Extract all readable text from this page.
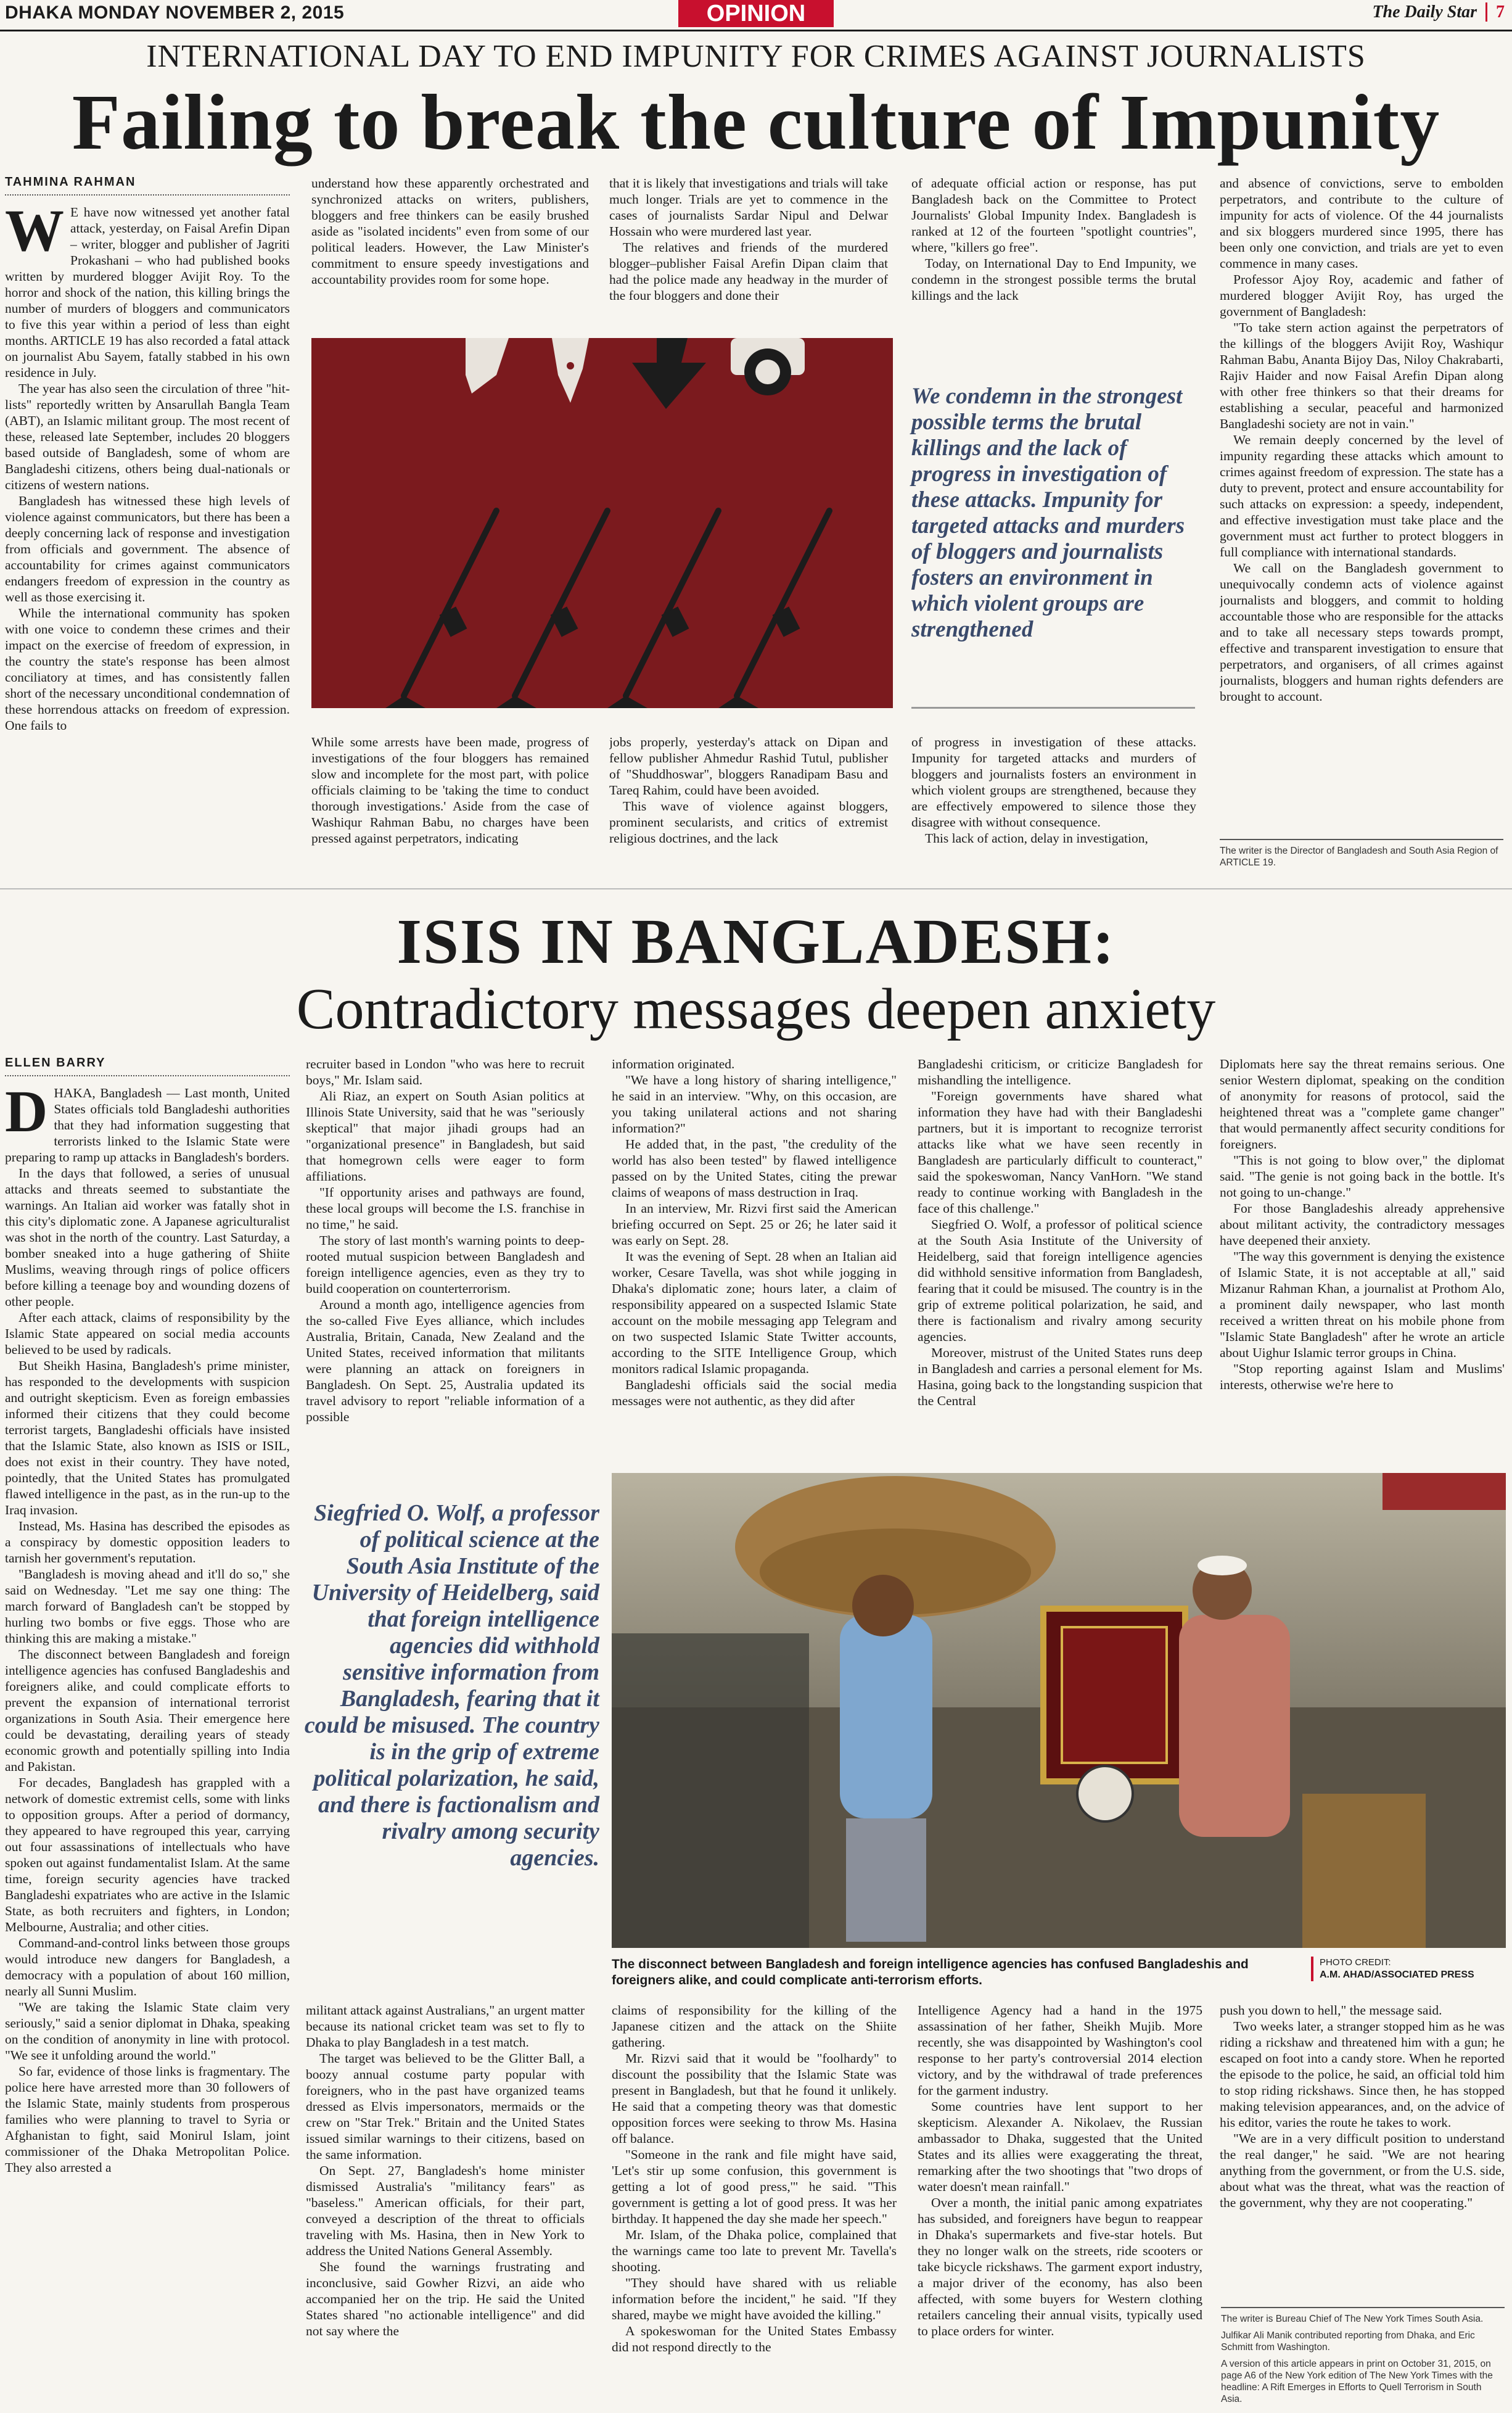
DHAKA MONDAY NOVEMBER 2, 2015	OPINION	The Daily Star 7
INTERNATIONAL DAY TO END IMPUNITY FOR CRIMES AGAINST JOURNALISTS
Failing to break the culture of Impunity
TAHMINA RAHMAN
W E have now witnessed yet another fatal attack, yesterday, on Faisal Arefin Dipan – writer, blogger and publisher of Jagriti Prokashani – who had published books written by murdered blogger Avijit Roy. To the horror and shock of the nation, this killing brings the number of murders of bloggers and communicators to five this year within a period of less than eight months. ARTICLE 19 has also recorded a fatal attack on journalist Abu Sayem, fatally stabbed in his own residence in July.

The year has also seen the circulation of three "hit-lists" reportedly written by Ansarullah Bangla Team (ABT), an Islamic militant group. The most recent of these, released late September, includes 20 bloggers based outside of Bangladesh, some of whom are Bangladeshi citizens, others being dual-nationals or citizens of western nations.

Bangladesh has witnessed these high levels of violence against communicators, but there has been a deeply concerning lack of response and investigation from officials and government. The absence of accountability for crimes against communicators endangers freedom of expression in the country as well as those exercising it.

While the international community has spoken with one voice to condemn these crimes and their impact on the exercise of freedom of expression, in the country the state's response has been almost conciliatory at times, and has consistently fallen short of the necessary unconditional condemnation of these horrendous attacks on freedom of expression. One fails to

understand how these apparently orchestrated and synchronized attacks on writers, publishers, bloggers and free thinkers can be easily brushed aside as "isolated incidents" even from some of our political leaders. However, the Law Minister's commitment to ensure speedy investigations and accountability provides room for some hope.

that it is likely that investigations and trials will take much longer. Trials are yet to commence in the cases of journalists Sardar Nipul and Delwar Hossain who were murdered last year.

The relatives and friends of the murdered blogger–publisher Faisal Arefin Dipan claim that had the police made any headway in the murder of the four bloggers and done their

of adequate official action or response, has put Bangladesh back on the Committee to Protect Journalists' Global Impunity Index. Bangladesh is ranked at 12 of the fourteen "spotlight countries", where, "killers go free".

Today, on International Day to End Impunity, we condemn in the strongest possible terms the brutal killings and the lack

We condemn in the strongest possible terms the brutal killings and the lack of progress in investigation of these attacks. Impunity for targeted attacks and murders of bloggers and journalists fosters an environment in which violent groups are strengthened

While some arrests have been made, progress of investigations of the four bloggers has remained slow and incomplete for the most part, with police officials claiming to be 'taking the time to conduct thorough investigations.' Aside from the case of Washiqur Rahman Babu, no charges have been pressed against perpetrators, indicating

jobs properly, yesterday's attack on Dipan and fellow publisher Ahmedur Rashid Tutul, publisher of "Shuddhoswar", bloggers Ranadipam Basu and Tareq Rahim, could have been avoided.

This wave of violence against bloggers, prominent secularists, and critics of extremist religious doctrines, and the lack

of progress in investigation of these attacks. Impunity for targeted attacks and murders of bloggers and journalists fosters an environment in which violent groups are strengthened, because they are effectively empowered to silence those they disagree with without consequence.

This lack of action, delay in investigation,

and absence of convictions, serve to embolden perpetrators, and contribute to the culture of impunity for acts of violence. Of the 44 journalists and six bloggers murdered since 1995, there has been only one conviction, and trials are yet to even commence in many cases.

Professor Ajoy Roy, academic and father of murdered blogger Avijit Roy, has urged the government of Bangladesh:

"To take stern action against the perpetrators of the killings of the bloggers Avijit Roy, Washiqur Rahman Babu, Ananta Bijoy Das, Niloy Chakrabarti, Rajiv Haider and now Faisal Arefin Dipan along with other free thinkers so that their dreams for establishing a secular, peaceful and harmonized Bangladeshi society are not in vain."

We remain deeply concerned by the level of impunity regarding these attacks which amount to crimes against freedom of expression. The state has a duty to prevent, protect and ensure accountability for such attacks on expression: a speedy, independent, and effective investigation must take place and the government must act further to protect bloggers in full compliance with international standards.

We call on the Bangladesh government to unequivocally condemn acts of violence against journalists and bloggers, and commit to holding accountable those who are responsible for the attacks and to take all necessary steps towards prompt, effective and transparent investigation to ensure that perpetrators, and organisers, of all crimes against journalists, bloggers and human rights defenders are brought to account.

The writer is the Director of Bangladesh and South Asia Region of ARTICLE 19.
ISIS IN BANGLADESH:
Contradictory messages deepen anxiety
ELLEN BARRY
D HAKA, Bangladesh — Last month, United States officials told Bangladeshi authorities that they had information suggesting that terrorists linked to the Islamic State were preparing to ramp up attacks in Bangladesh's borders.

In the days that followed, a series of unusual attacks and threats seemed to substantiate the warnings. An Italian aid worker was fatally shot in this city's diplomatic zone. A Japanese agriculturalist was shot in the north of the country. Last Saturday, a bomber sneaked into a huge gathering of Shiite Muslims, weaving through rings of police officers before killing a teenage boy and wounding dozens of other people.

After each attack, claims of responsibility by the Islamic State appeared on social media accounts believed to be used by radicals.

But Sheikh Hasina, Bangladesh's prime minister, has responded to the developments with suspicion and outright skepticism. Even as foreign embassies informed their citizens that they could become terrorist targets, Bangladeshi officials have insisted that the Islamic State, also known as ISIS or ISIL, does not exist in their country. They have noted, pointedly, that the United States has promulgated flawed intelligence in the past, as in the run-up to the Iraq invasion.

Instead, Ms. Hasina has described the episodes as a conspiracy by domestic opposition leaders to tarnish her government's reputation.

"Bangladesh is moving ahead and it'll do so," she said on Wednesday. "Let me say one thing: The march forward of Bangladesh can't be stopped by hurling two bombs or five eggs. Those who are thinking this are making a mistake."

The disconnect between Bangladesh and foreign intelligence agencies has confused Bangladeshis and foreigners alike, and could complicate efforts to prevent the expansion of international terrorist organizations in South Asia. Their emergence here could be devastating, derailing years of steady economic growth and potentially spilling into India and Pakistan.

For decades, Bangladesh has grappled with a network of domestic extremist cells, some with links to opposition groups. After a period of dormancy, they appeared to have regrouped this year, carrying out four assassinations of intellectuals who have spoken out against fundamentalist Islam. At the same time, foreign security agencies have tracked Bangladeshi expatriates who are active in the Islamic State, as both recruiters and fighters, in London; Melbourne, Australia; and other cities.

Command-and-control links between those groups would introduce new dangers for Bangladesh, a democracy with a population of about 160 million, nearly all Sunni Muslim.

"We are taking the Islamic State claim very seriously," said a senior diplomat in Dhaka, speaking on the condition of anonymity in line with protocol. "We see it unfolding around the world."

So far, evidence of those links is fragmentary. The police here have arrested more than 30 followers of the Islamic State, mainly students from prosperous families who were planning to travel to Syria or Afghanistan to fight, said Monirul Islam, joint commissioner of the Dhaka Metropolitan Police. They also arrested a

recruiter based in London "who was here to recruit boys," Mr. Islam said.

Ali Riaz, an expert on South Asian politics at Illinois State University, said that he was "seriously skeptical" that major jihadi groups had an "organizational presence" in Bangladesh, but said that homegrown cells were eager to form affiliations.

"If opportunity arises and pathways are found, these local groups will become the I.S. franchise in no time," he said.

The story of last month's warning points to deep-rooted mutual suspicion between Bangladesh and foreign intelligence agencies, even as they try to build cooperation on counterterrorism.

Around a month ago, intelligence agencies from the so-called Five Eyes alliance, which includes Australia, Britain, Canada, New Zealand and the United States, received information that militants were planning an attack on foreigners in Bangladesh. On Sept. 25, Australia updated its travel advisory to report "reliable information of a possible

information originated.

"We have a long history of sharing intelligence," he said in an interview. "Why, on this occasion, are you taking unilateral actions and not sharing information?"

He added that, in the past, "the credulity of the world has also been tested" by flawed intelligence passed on by the United States, citing the prewar claims of weapons of mass destruction in Iraq.

In an interview, Mr. Rizvi first said the American briefing occurred on Sept. 25 or 26; he later said it was early on Sept. 28.

It was the evening of Sept. 28 when an Italian aid worker, Cesare Tavella, was shot while jogging in Dhaka's diplomatic zone; hours later, a claim of responsibility appeared on a suspected Islamic State account on the mobile messaging app Telegram and on two suspected Islamic State Twitter accounts, according to the SITE Intelligence Group, which monitors radical Islamic propaganda.

Bangladeshi officials said the social media messages were not authentic, as they did after

Bangladeshi criticism, or criticize Bangladesh for mishandling the intelligence.

"Foreign governments have shared what information they have had with their Bangladeshi partners, but it is important to recognize terrorist attacks like what we have seen recently in Bangladesh are particularly difficult to counteract," said the spokeswoman, Nancy VanHorn. "We stand ready to continue working with Bangladesh in the face of this challenge."

Siegfried O. Wolf, a professor of political science at the South Asia Institute of the University of Heidelberg, said that foreign intelligence agencies did withhold sensitive information from Bangladesh, fearing that it could be misused. The country is in the grip of extreme political polarization, he said, and there is factionalism and rivalry among security agencies.

Moreover, mistrust of the United States runs deep in Bangladesh and carries a personal element for Ms. Hasina, going back to the longstanding suspicion that the Central

Diplomats here say the threat remains serious. One senior Western diplomat, speaking on the condition of anonymity for reasons of protocol, said the heightened threat was a "complete game changer" that would permanently affect security conditions for foreigners.

"This is not going to blow over," the diplomat said. "The genie is not going back in the bottle. It's not going to un-change."

For those Bangladeshis already apprehensive about militant activity, the contradictory messages have deepened their anxiety.

"The way this government is denying the existence of Islamic State, it is not acceptable at all," said Mizanur Rahman Khan, a journalist at Prothom Alo, a prominent daily newspaper, who last month received a written threat on his mobile phone from "Islamic State Bangladesh" after he wrote an article about Uighur Islamic terror groups in China.

"Stop reporting against Islam and Muslims' interests, otherwise we're here to

Siegfried O. Wolf, a professor of political science at the South Asia Institute of the University of Heidelberg, said that foreign intelligence agencies did withhold sensitive information from Bangladesh, fearing that it could be misused. The country is in the grip of extreme political polarization, he said, and there is factionalism and rivalry among security agencies.
The disconnect between Bangladesh and foreign intelligence agencies has confused Bangladeshis and foreigners alike, and could complicate anti-terrorism efforts.
PHOTO CREDIT:
A.M. AHAD/ASSOCIATED PRESS

militant attack against Australians," an urgent matter because its national cricket team was set to fly to Dhaka to play Bangladesh in a test match.

The target was believed to be the Glitter Ball, a boozy annual costume party popular with foreigners, who in the past have organized teams dressed as Elvis impersonators, mermaids or the crew on "Star Trek." Britain and the United States issued similar warnings to their citizens, based on the same information.

On Sept. 27, Bangladesh's home minister dismissed Australia's "militancy fears" as "baseless." American officials, for their part, conveyed a description of the threat to officials traveling with Ms. Hasina, then in New York to address the United Nations General Assembly.

She found the warnings frustrating and inconclusive, said Gowher Rizvi, an aide who accompanied her on the trip. He said the United States shared "no actionable intelligence" and did not say where the

claims of responsibility for the killing of the Japanese citizen and the attack on the Shiite gathering.

Mr. Rizvi said that it would be "foolhardy" to discount the possibility that the Islamic State was present in Bangladesh, but that he found it unlikely. He said that a competing theory was that domestic opposition forces were seeking to throw Ms. Hasina off balance.

"Someone in the rank and file might have said, 'Let's stir up some confusion, this government is getting a lot of good press,'" he said. "This government is getting a lot of good press. It was her birthday. It happened the day she made her speech."

Mr. Islam, of the Dhaka police, complained that the warnings came too late to prevent Mr. Tavella's shooting.

"They should have shared with us reliable information before the incident," he said. "If they shared, maybe we might have avoided the killing."

A spokeswoman for the United States Embassy did not respond directly to the

Intelligence Agency had a hand in the 1975 assassination of her father, Sheikh Mujib. More recently, she was disappointed by Washington's cool response to her party's controversial 2014 election victory, and by the withdrawal of trade preferences for the garment industry.

Some countries have lent support to her skepticism. Alexander A. Nikolaev, the Russian ambassador to Dhaka, suggested that the United States and its allies were exaggerating the threat, remarking after the two shootings that "two drops of water doesn't mean rainfall."

Over a month, the initial panic among expatriates has subsided, and foreigners have begun to reappear in Dhaka's supermarkets and five-star hotels. But they no longer walk on the streets, ride scooters or take bicycle rickshaws. The garment export industry, a major driver of the economy, has also been affected, with some buyers for Western clothing retailers canceling their annual visits, typically used to place orders for winter.

push you down to hell," the message said.

Two weeks later, a stranger stopped him as he was riding a rickshaw and threatened him with a gun; he escaped on foot into a candy store. When he reported the episode to the police, he said, an official told him to stop riding rickshaws. Since then, he has stopped making television appearances, and, on the advice of his editor, varies the route he takes to work.

"We are in a very difficult position to understand the real danger," he said. "We are not hearing anything from the government, or from the U.S. side, about what was the threat, what was the reaction of the government, why they are not cooperating."

The writer is Bureau Chief of The New York Times South Asia.

Julfikar Ali Manik contributed reporting from Dhaka, and Eric Schmitt from Washington.

A version of this article appears in print on October 31, 2015, on page A6 of the New York edition of The New York Times with the headline: A Rift Emerges in Efforts to Quell Terrorism in South Asia.
